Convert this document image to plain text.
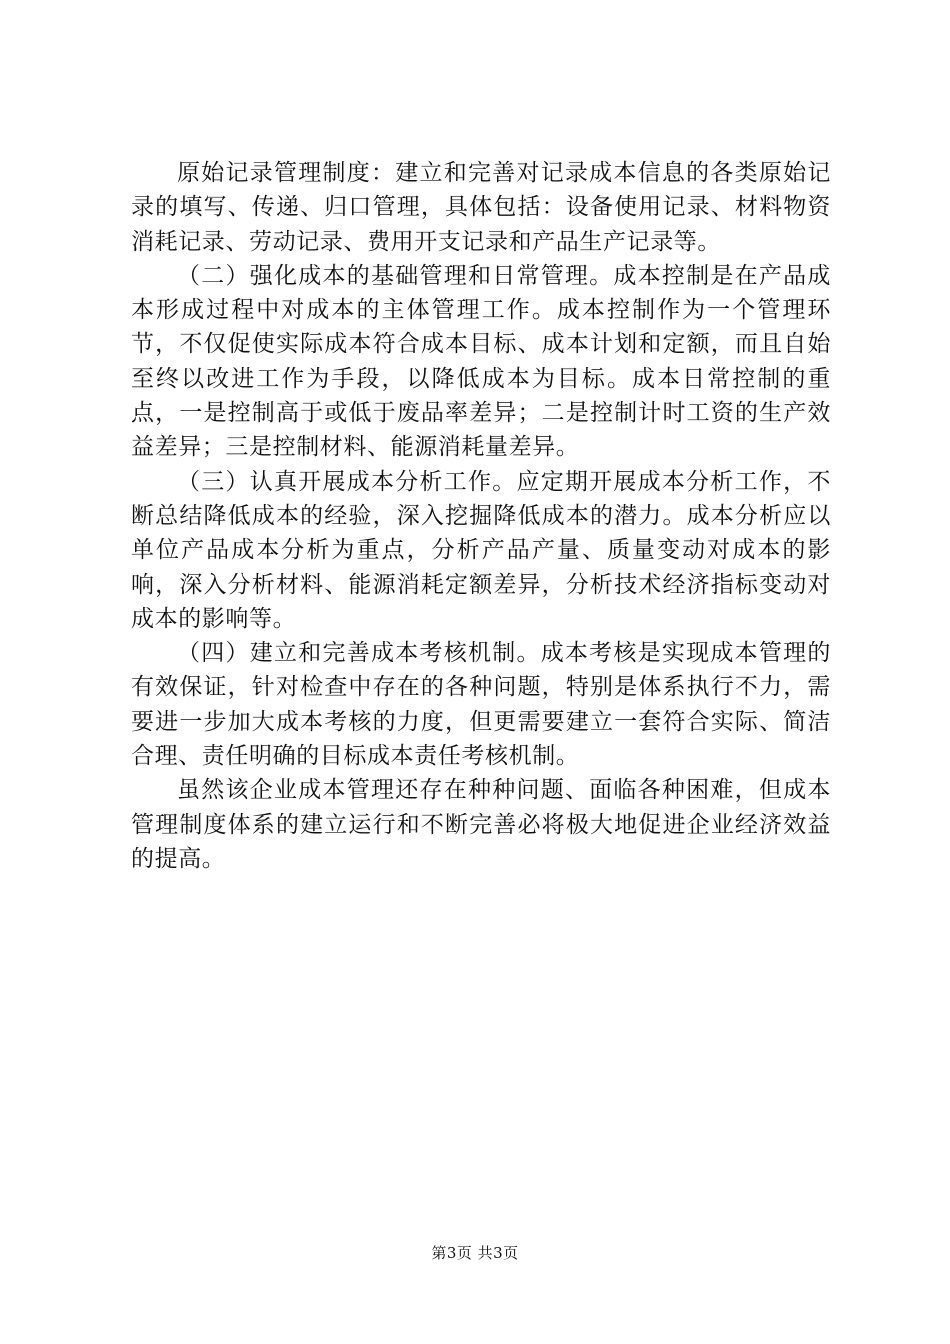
原始记录管理制度：建立和完善对记录成本信息的各类原始记录的填写、传递、归口管理，具体包括：设备使用记录、材料物资消耗记录、劳动记录、费用开支记录和产品生产记录等。

（二）强化成本的基础管理和日常管理。成本控制是在产品成本形成过程中对成本的主体管理工作。成本控制作为一个管理环节，不仅促使实际成本符合成本目标、成本计划和定额，而且自始至终以改进工作为手段，以降低成本为目标。成本日常控制的重点，一是控制高于或低于废品率差异；二是控制计时工资的生产效益差异；三是控制材料、能源消耗量差异。

（三）认真开展成本分析工作。应定期开展成本分析工作，不断总结降低成本的经验，深入挖掘降低成本的潜力。成本分析应以单位产品成本分析为重点，分析产品产量、质量变动对成本的影响，深入分析材料、能源消耗定额差异，分析技术经济指标变动对成本的影响等。

（四）建立和完善成本考核机制。成本考核是实现成本管理的有效保证，针对检查中存在的各种问题，特别是体系执行不力，需要进一步加大成本考核的力度，但更需要建立一套符合实际、简洁合理、责任明确的目标成本责任考核机制。

虽然该企业成本管理还存在种种问题、面临各种困难，但成本管理制度体系的建立运行和不断完善必将极大地促进企业经济效益的提高。

第3页 共3页
